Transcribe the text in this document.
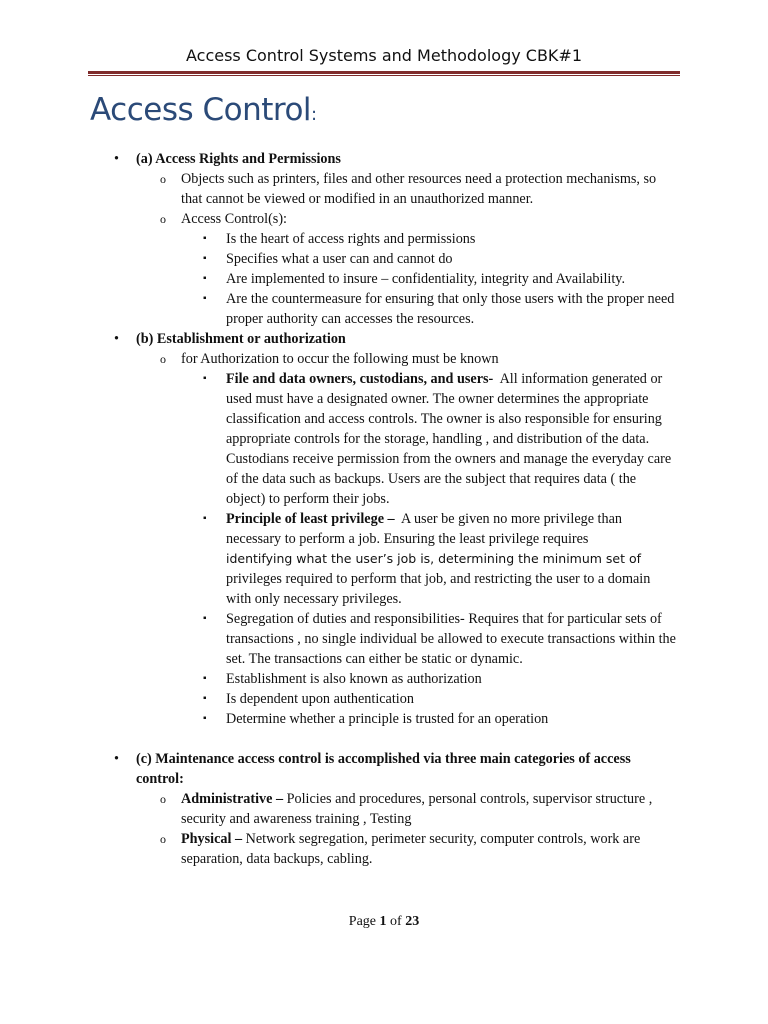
Access Control Systems and Methodology CBK#1
Access Control:
• (a) Access Rights and Permissions
o Objects such as printers, files and other resources need a protection mechanisms, so that cannot be viewed or modified in an unauthorized manner.
o Access Control(s):
▪ Is the heart of access rights and permissions
▪ Specifies what a user can and cannot do
▪ Are implemented to insure – confidentiality, integrity and Availability.
▪ Are the countermeasure for ensuring that only those users with the proper need proper authority can accesses the resources.
• (b) Establishment or authorization
o for Authorization to occur the following must be known
▪ File and data owners, custodians, and users- All information generated or used must have a designated owner. The owner determines the appropriate classification and access controls. The owner is also responsible for ensuring appropriate controls for the storage, handling , and distribution of the data. Custodians receive permission from the owners and manage the everyday care of the data such as backups. Users are the subject that requires data ( the object) to perform their jobs.
▪ Principle of least privilege – A user be given no more privilege than necessary to perform a job. Ensuring the least privilege requires
identifying what the user’s job is, determining the minimum set of
privileges required to perform that job, and restricting the user to a domain with only necessary privileges.
▪ Segregation of duties and responsibilities- Requires that for particular sets of transactions , no single individual be allowed to execute transactions within the set. The transactions can either be static or dynamic.
▪ Establishment is also known as authorization
▪ Is dependent upon authentication
▪ Determine whether a principle is trusted for an operation
• (c) Maintenance access control is accomplished via three main categories of access control:
o Administrative – Policies and procedures, personal controls, supervisor structure , security and awareness training , Testing
o Physical – Network segregation, perimeter security, computer controls, work are separation, data backups, cabling.
Page 1 of 23
